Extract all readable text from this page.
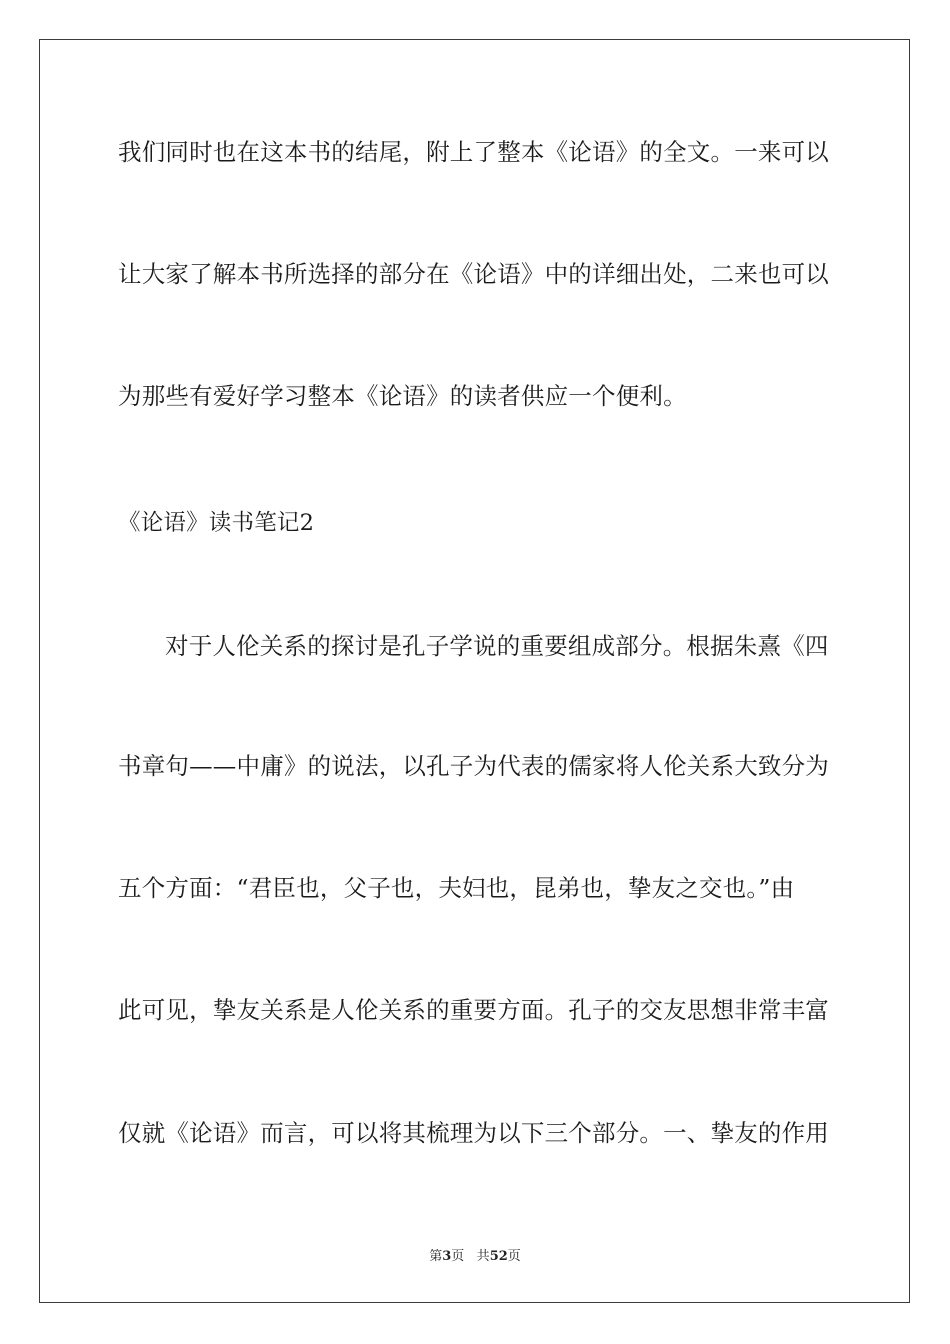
我们同时也在这本书的结尾，附上了整本《论语》的全文。一来可以
让大家了解本书所选择的部分在《论语》中的详细出处，二来也可以
为那些有爱好学习整本《论语》的读者供应一个便利。
《论语》读书笔记2
对于人伦关系的探讨是孔子学说的重要组成部分。根据朱熹《四
书章句——中庸》的说法，以孔子为代表的儒家将人伦关系大致分为
五个方面：“君臣也，父子也，夫妇也，昆弟也，挚友之交也。”由
此可见，挚友关系是人伦关系的重要方面。孔子的交友思想非常丰富
仅就《论语》而言，可以将其梳理为以下三个部分。一、挚友的作用
第3页 共52页
